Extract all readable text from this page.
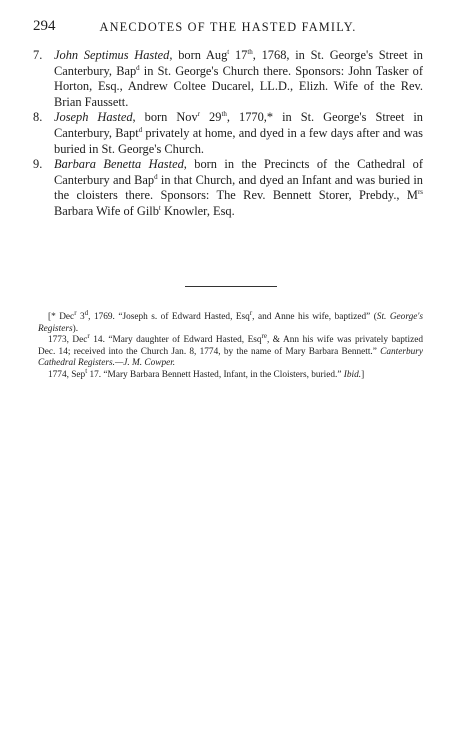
294	ANECDOTES OF THE HASTED FAMILY.
7. John Septimus Hasted, born Aug$^t$ 17th, 1768, in St. George's Street in Canterbury, Bap$^d$ in St. George's Church there. Sponsors: John Tasker of Horton, Esq., Andrew Coltee Ducarel, LL.D., Elizh. Wife of the Rev. Brian Faussett.
8. Joseph Hasted, born Nov$^r$ 29th, 1770,* in St. George's Street in Canterbury, Bapt$^d$ privately at home, and dyed in a few days after and was buried in St. George's Church.
9. Barbara Benetta Hasted, born in the Precincts of the Cathedral of Canterbury and Bap$^d$ in that Church, and dyed an Infant and was buried in the cloisters there. Sponsors: The Rev. Bennett Storer, Prebdy., $M^{rs}$ Barbara Wife of Gilb$^t$ Knowler, Esq.

[* Dec$^r$ 3$^d$, 1769. “Joseph s. of Edward Hasted, Esq$^r$, and Anne his wife, baptized” (St. George's Registers).

1773, Dec$^r$ 14. “Mary daughter of Edward Hasted, Esq$^{re}$, & Ann his wife was privately baptized Dec. 14; received into the Church Jan. 8, 1774, by the name of Mary Barbara Bennett.” Canterbury Cathedral Registers.—J. M. Cowper.

1774, Sep$^t$ 17. “Mary Barbara Bennett Hasted, Infant, in the Cloisters, buried.” Ibid.]
